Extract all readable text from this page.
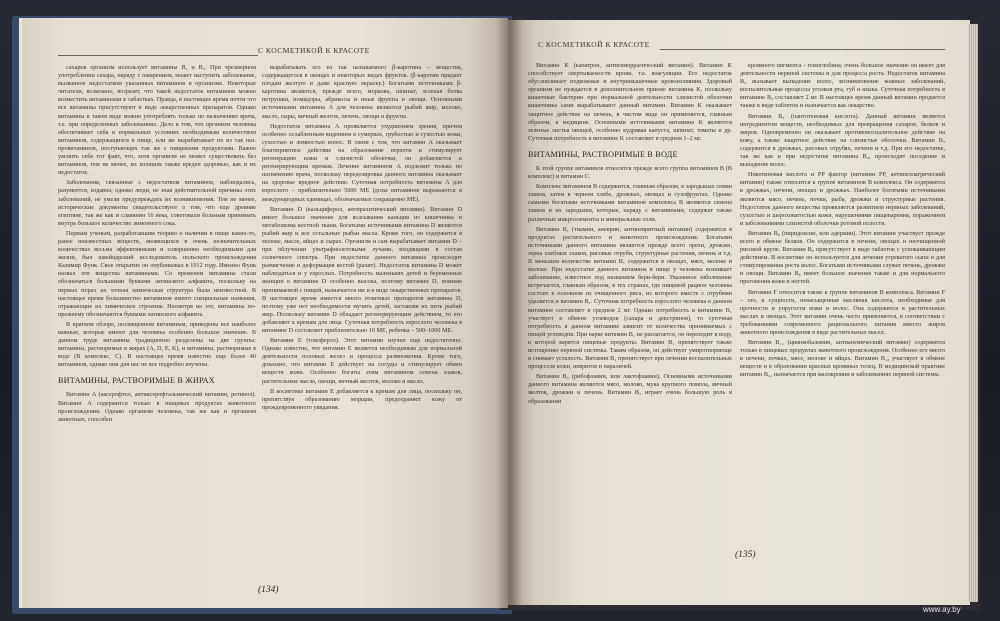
С КОСМЕТИКОЙ К КРАСОТЕ
С КОСМЕТИКОЙ К КРАСОТЕ

сахаров организм использует витамины B₁ и B₂. При чрезмерном употреблении сахара, наряду с ожирением, может наступить заболевание, вызванное недостатком указанных витаминов в организме. Некоторые читатели, возможно, возразят, что такой недостаток витаминов можно возместить витаминами в таблетках. Правда, в настоящее время почти что все витамины присутствуют в виде лекарственных препаратов. Однако витамины в таком виде можно употреблять только по назначению врача, т.е. при определенных заболеваниях. Дело в том, что организм человека обеспечивает себя в нормальных условиях необходимым количеством витаминов, содержащихся в пище, или же вырабатывает их из так наз. провитаминов, поступающих так же с пищевыми продуктами. Важно уяснить себе тот факт, что, хотя организм не может существовать без витаминов, тем не менее, их излишек также вреден здоровью, как и их недостаток.

Заболевания, связанные с недостатком витаминов, наблюдались, разумеется, издавна; однако люди, не зная действительной причины этих заболеваний, не умели предупреждать их возникновения. Тем не менее, исторические документы свидетельствуют о том, что еще древние египтяне, так же как и славянин 16 века, советовали больным принимать внутрь большое количество лимонного сока.

Первым ученым, разработавшим теорию о наличии в пище каких-то, ранее неизвестных веществ, являющихся в очень незначительных количествах весьма эффективными и совершенно необходимыми для жизни, был швейцарский исследователь польского происхождения Казимир Функ. Свое открытие он опубликовал в 1912 году. Именно Функ назвал эти вещества витаминами. Со временем витамины стали обозначаться большими буквами латинского алфавита, поскольку на первых порах их точная химическая структура была неизвестной. В настоящее время большинство витаминов имеют специальные названия, отражающие их химическое строение. Несмотря на это, витамины по-прежнему обозначаются буквами латинского алфавита.

В кратком обзоре, посвященном витаминам, приведены все наиболее важные, которые имеют для человека особенно большое значение. В данном труде витамины традиционно разделены на две группы: витамины, растворимые в жирах (A, D, E, K), и витамины, растворимые в воде (B комплекс, C). В настоящее время известно еще более 40 витаминов, однако они для нас не все подробно изучены.

ВИТАМИНЫ, РАСТВОРИМЫЕ В ЖИРАХ

Витамин A (аксерофтол, антиксерофтальмический витамин, ретинол). Витамин A содержится только в пищевых продуктах животного происхождения. Однако организм человека, так же как и организм животных, способен

вырабатывать его из так называемого β-каротина – вещества, содержащегося в овощах и некоторых видах фруктов. (β-каротин придает плодам желтую и даже красную окраску.) Богатыми источниками β-каротина являются, прежде всего, морковь, шпинат, зеленая ботва петрушки, помидоры, абрикосы и иные фрукты и овощи. Основными источниками витамина A для человека являются рыбий жир, молоко, масло, сыры, яичный желток, печень, овощи и фрукты.

Недостаток витамина A проявляется ухудшением зрения, причем особенно ослабленным видением в сумерках, грубостью и сухостью кожи, сухостью и ломкостью волос. В связи с тем, что витамин A оказывает благоприятное действие на образование перхоти и стимулирует регенерацию кожи и слизистой оболочки, он добавляется к регенерирующим кремам. Лечение витамином A подлежит только по назначению врача, поскольку передозировка данного витамина оказывает на здоровье вредное действие. Суточная потребность витамина A для взрослого – приблизительно 5000 МЕ (дозы витаминов выражаются в международных единицах, обозначаемых сокращенно МЕ).

Витамин D (кальциферол, антирахитический витамин). Витамин D имеет большое значение для всасывания кальция из кишечника и метаболизма костной ткани. Богатыми источниками витамина D являются рыбий жир и все остальные рыбьи масла. Кроме того, он содержится в молоке, масле, яйцах и сырах. Организм и сам вырабатывает витамин D – при облучении ультрафиолетовыми лучами, входящими в состав солнечного спектра. При недостатке данного витамина происходит размягчение и деформация костей (рахит). Недостаток витамина D может наблюдаться и у взрослых. Потребность маленьких детей и беременных женщин в витамине D особенно высока, поэтому витамин D, помимо принимаемой с пищей, назначается им и в виде лекарственных препаратов. В настоящее время имеется много отличных препаратов витамина D, поэтому уже нет необходимости мучить детей, заставляя их пить рыбий жир. Поскольку витамин D обладает регенерирующим действием, то его добавляют к кремам для лица. Суточная потребность взрослого человека в витамине D составляет приблизительно 10 МЕ, ребенка – 500–1000 МЕ.

Витамин E (токоферол). Этот витамин изучен еще недостаточно. Однако известно, что витамин E является необходимым для нормальной деятельности половых желез и процесса размножения. Кроме того, доказано, что витамин E действует на сосуды и стимулирует обмен веществ кожи. Особенно богаты этим витамином семена злаков, растительные масла, овощи, яичный желток, молоко и масло.

В косметике витамин E добавляется к кремам для лица, поскольку он, препятствуя образованию морщин, предохраняет кожу от преждевременного увядания.

(134)

Витамин K (капатрон, антигеморрагический витамин). Витамин K способствует свертываемости крови, т.е. коагуляции. Его недостаток обусловливает подкожные и внутримышечные кровоизлияния. Здоровый организм не нуждается в дополнительном приеме витамина K, поскольку кишечные бактерии при нормальной деятельности слизистой оболочки кишечника сами вырабатывают данный витамин. Витамин K оказывает защитное действие на печень, в чистом виде он применяется, главным образом, в медицине. Основными источниками витамина K являются зеленые листья овощей, особенно кудрявая капуста, шпинат, томаты и др. Суточная потребность в витамине K составляет в среднем 1–2 мг.

ВИТАМИНЫ, РАСТВОРИМЫЕ В ВОДЕ

К этой группе витаминов относятся прежде всего группа витаминов B (B комплекс) и витамин C.

Комплекс витаминов B содержится, главным образом, в зародышах семян злаков, затем в черном хлебе, дрожжах, овощах и сухофруктах. Однако самыми богатыми источниками витаминов комплекса B являются семена злаков и их зародыши, которые, наряду с витаминами, содержат также различные микроэлементы и минеральные соли.

Витамин B₁ (тиамин, аневрин, антиневритный витамин) содержится в продуктах растительного и животного происхождения. Богатыми источниками данного витамина являются прежде всего орехи, дрожжи, зерна хлебных злаков, рисовые отруби, структурные растения, печень и т.д. В меньшем количестве витамин B₁ содержится в овощах, мясе, молоке и молоке. При недостатке данного витамина в пище у человека возникает заболевание, известное под названием бери-бери. Указанное заболевание встречается, главным образом, в тех странах, где пищевой рацион человека состоит в основном из очищенного риса, из которого вместе с отрубями удаляется и витамин B₁. Суточная потребность взрослого человека в данном витамине составляет в среднем 2 мг. Однако потребность в витамине B₁ участвует в обмене углеводов (сахара и декстринов), то суточная потребность в данном витамине зависит от количества принимаемых с пищей углеводов. При варке витамин B₁ не разлагается, он переходит в воду, в которой варятся пищевые продукты. Витамин B₁ препятствует также истощению нервной системы. Таким образом, он действует умиротворяюще и снимает усталость. Витамин B₁ препятствует при лечении воспалительных процессов кожи, невритов и параличей.

Витамин B₂ (рибофлавин, или лактофлавин). Основными источниками данного витамина являются мясо, молоко, мука крупного помола, яичный желток, дрожжи и печень. Витамин B₂ играет очень большую роль в образовании

кровяного пигмента – гемоглобина; очень большое значение он имеет для деятельности нервной системы и для процесса роста. Недостаток витамина B₂ вызывает выпадение волос, возникновение кожных заболеваний, воспалительные процессы уголков рта, губ и языка. Суточная потребность в витамине B₂ составляет 2 мг. В настоящее время данный витамин продается также в виде таблеток и назначается как лекарство.

Витамин B₃ (пантотеновая кислота). Данный витамин является ингредиентом веществ, необходимых для превращения сахаров, белков и жиров. Одновременно он оказывает противовоспалительное действие на кожу, а также защитное действие на слизистые оболочки. Витамин B₃ содержится в дрожжах, рисовых отрубях, печени и т.д. При его недостатке, так же как и при недостатке витамина B₂, происходит поседение и выпадение волос.

Никотиновая кислота и PP фактор (витамин PP, антипеллагрический витамин) также относится к группе витаминов B комплекса. Он содержится в дрожжах, печени, овощах и дрожжах. Наиболее богатыми источниками являются мясо, печень, почки, рыба, дрожжи и структурные растения. Недостаток данного вещества проявляется развитием нервных заболеваний, сухостью и шероховатостью кожи, нарушениями пищеварения, поражением и заболеваниями слизистой оболочки ротовой полости.

Витамин B₆ (пиридоксин, или адермин). Этот витамин участвует прежде всего в обмене белков. Он содержится в печени, овощах и неочищенной рисовой крупе. Витамин B₆ присутствует в виде таблеток с успокаивающим действием. В косметике он используется для лечения угреватого сыпи и для стимулирования роста волос. Богатыми источниками служат печень, дрожжи и овощи. Витамин B₆ имеет большое значение также и для нормального проговения кожи и ногтей.

Витамин F относится также к группе витаминов B комплекса. Витамин F – это, в сущности, ненасыщенная масляная кислота, необходимая для прочности и упругости кожи и волос. Она содержится в растительных маслах и овощах. Этот витамин очень часто применяется, в соответствии с требованиями современного рационального питания вместо жиров животного происхождения в виде растительных масел.

Витамин B₁₂ (цианкобаламин, антианемический витамин) содержится только в пищевых продуктах животного происхождения. Особенно его много в печени, почках, мясе, молоке и яйцах. Витамин B₁₂ участвует в обмене веществ и в образовании красных кровяных телец. В медицинской практике витамин B₁₂ назначается при малокровии и заболеваниях нервной системы.

(135)
www.ay.by
